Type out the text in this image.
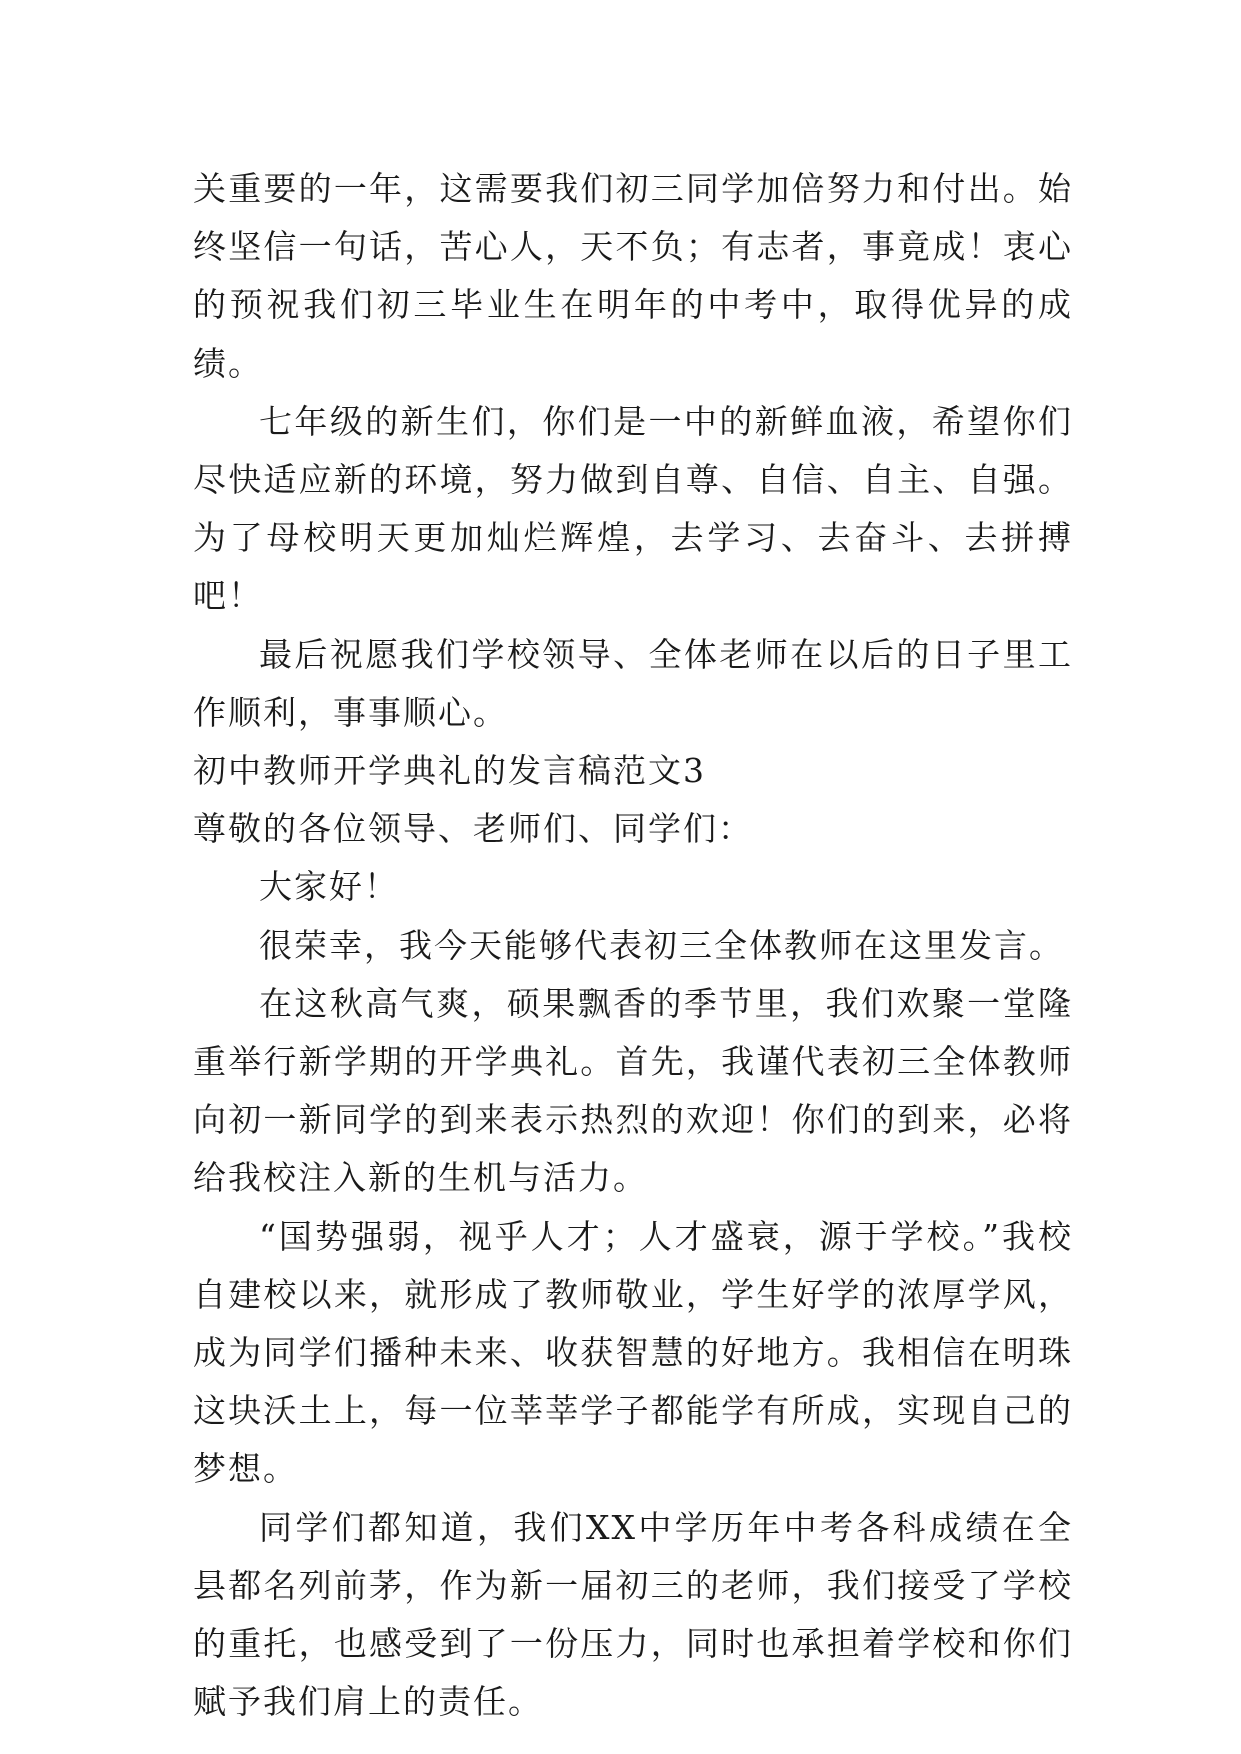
关重要的一年，这需要我们初三同学加倍努力和付出。始终坚信一句话，苦心人，天不负；有志者，事竟成！衷心的预祝我们初三毕业生在明年的中考中，取得优异的成绩。

七年级的新生们，你们是一中的新鲜血液，希望你们尽快适应新的环境，努力做到自尊、自信、自主、自强。为了母校明天更加灿烂辉煌，去学习、去奋斗、去拼搏吧！

最后祝愿我们学校领导、全体老师在以后的日子里工作顺利，事事顺心。

初中教师开学典礼的发言稿范文3

尊敬的各位领导、老师们、同学们：

大家好！

很荣幸，我今天能够代表初三全体教师在这里发言。

在这秋高气爽，硕果飘香的季节里，我们欢聚一堂隆重举行新学期的开学典礼。首先，我谨代表初三全体教师向初一新同学的到来表示热烈的欢迎！你们的到来，必将给我校注入新的生机与活力。

“国势强弱，视乎人才；人才盛衰，源于学校。”我校自建校以来，就形成了教师敬业，学生好学的浓厚学风，成为同学们播种未来、收获智慧的好地方。我相信在明珠这块沃土上，每一位莘莘学子都能学有所成，实现自己的梦想。

同学们都知道，我们XX中学历年中考各科成绩在全县都名列前茅，作为新一届初三的老师，我们接受了学校的重托，也感受到了一份压力，同时也承担着学校和你们赋予我们肩上的责任。
